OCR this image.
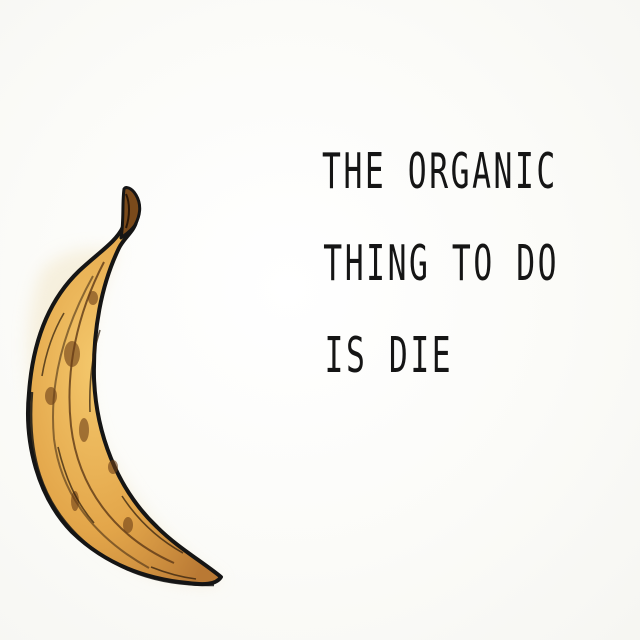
THE ORGANIC
THING TO DO
IS DIE
